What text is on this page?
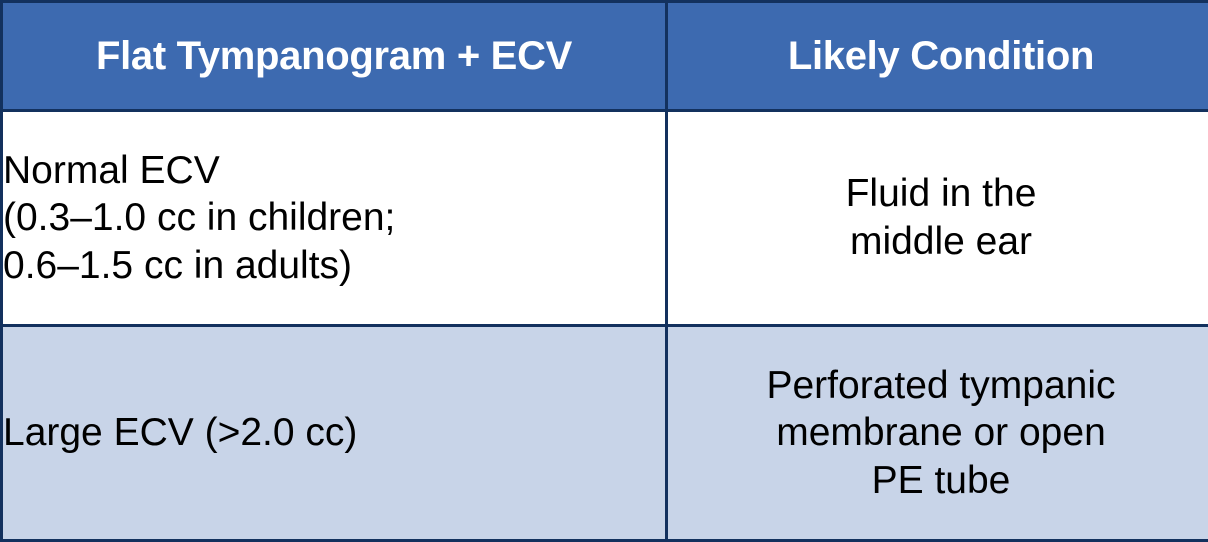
Flat Tympanogram + ECV	Likely Condition

Normal ECV
(0.3–1.0 cc in children;
0.6–1.5 cc in adults)	Fluid in the
middle ear

Large ECV (>2.0 cc)	Perforated tympanic
membrane or open
PE tube
